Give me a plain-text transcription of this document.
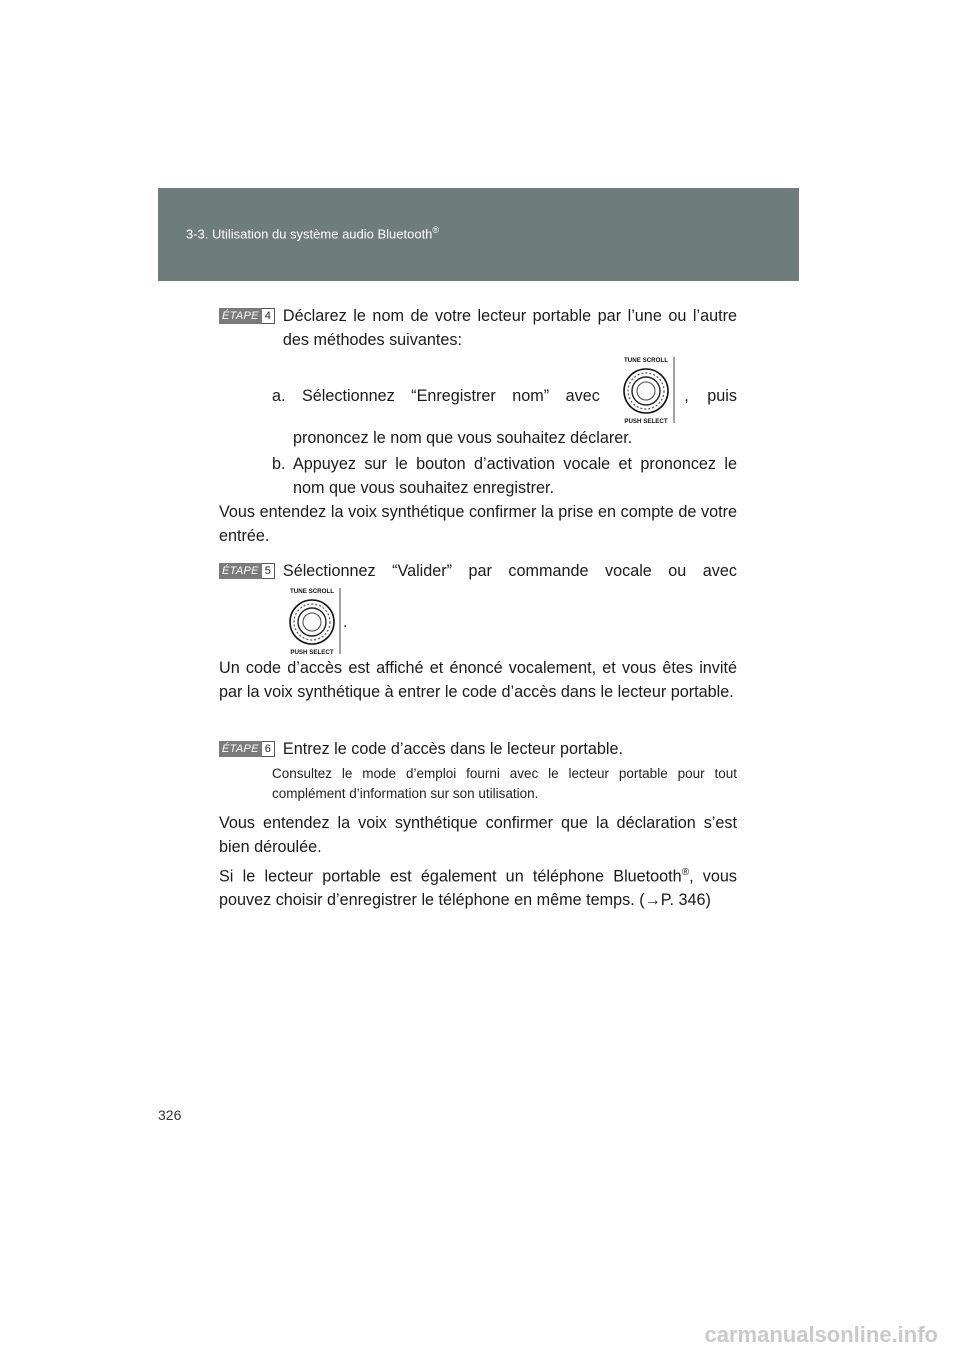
3-3. Utilisation du système audio Bluetooth®
ÉTAPE 4 Déclarez le nom de votre lecteur portable par l’une ou l’autre
des méthodes suivantes:
a. Sélectionnez “Enregistrer nom” avec	, puis
TUNE SCROLL
PUSH SELECT
prononcez le nom que vous souhaitez déclarer.
b. Appuyez sur le bouton d’activation vocale et prononcez le
nom que vous souhaitez enregistrer.

Vous entendez la voix synthétique confirmer la prise en compte de votre entrée.

ÉTAPE 5 Sélectionnez “Valider” par commande vocale ou avec
TUNE SCROLL
PUSH SELECT
.

Un code d’accès est affiché et énoncé vocalement, et vous êtes invité par la voix synthétique à entrer le code d’accès dans le lecteur portable.

ÉTAPE 6 Entrez le code d’accès dans le lecteur portable.
Consultez le mode d’emploi fourni avec le lecteur portable pour tout complément d’information sur son utilisation.

Vous entendez la voix synthétique confirmer que la déclaration s’est bien déroulée.

Si le lecteur portable est également un téléphone Bluetooth®, vous pouvez choisir d’enregistrer le téléphone en même temps. (→P. 346)

326
carmanualsonline.info
